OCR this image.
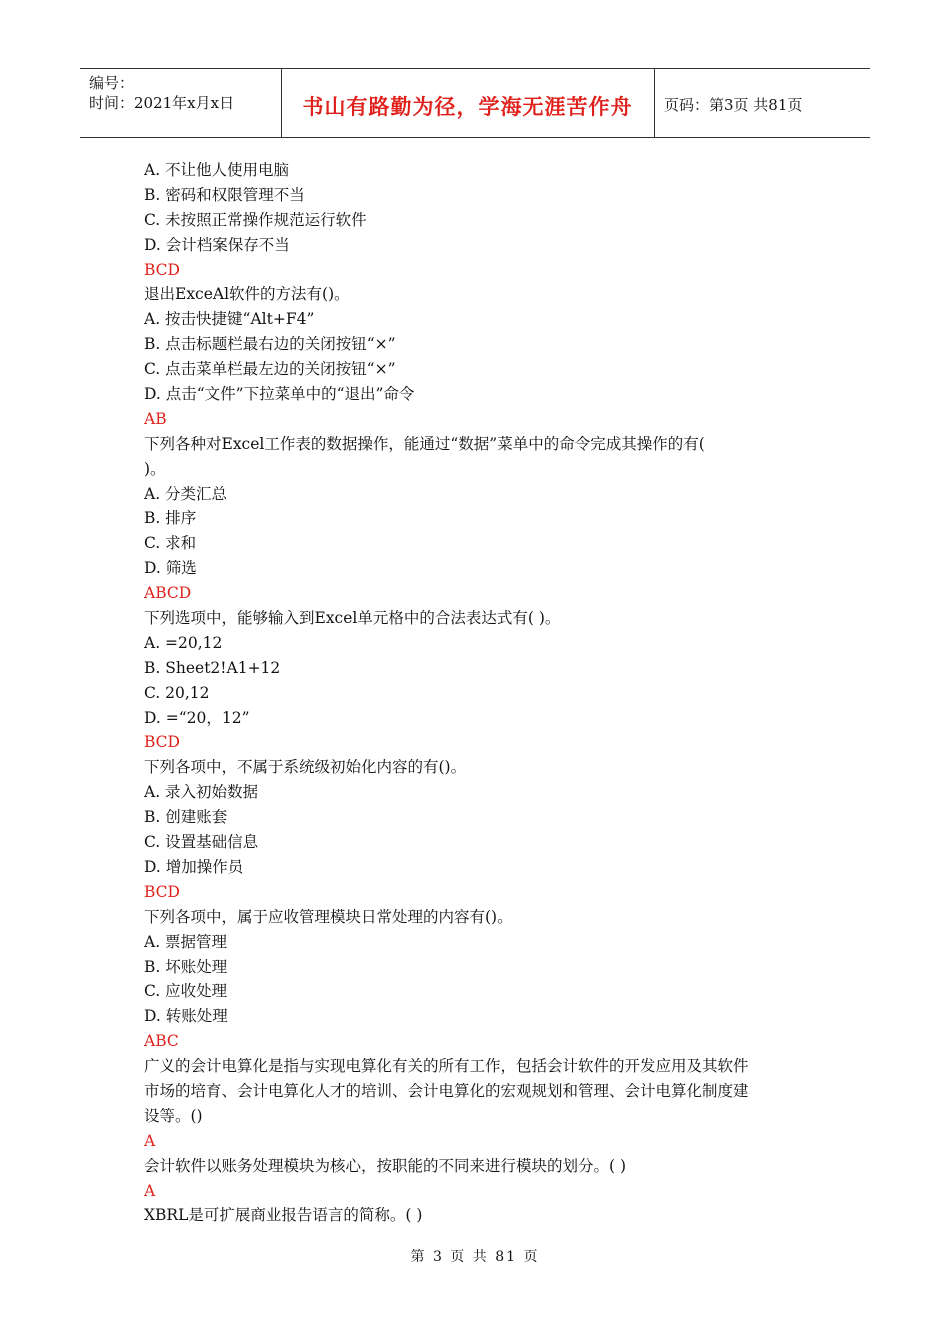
编号：
时间：2021年x月x日	书山有路勤为径，学海无涯苦作舟	页码：第3页 共81页
A. 不让他人使用电脑
B. 密码和权限管理不当
C. 未按照正常操作规范运行软件
D. 会计档案保存不当
BCD
退出ExceAl软件的方法有()。
A. 按击快捷键“Alt+F4”
B. 点击标题栏最右边的关闭按钮“×”
C. 点击菜单栏最左边的关闭按钮“×”
D. 点击“文件”下拉菜单中的“退出”命令
AB
下列各种对Excel工作表的数据操作，能通过“数据”菜单中的命令完成其操作的有(
)。
A. 分类汇总
B. 排序
C. 求和
D. 筛选
ABCD
下列选项中，能够输入到Excel单元格中的合法表达式有( )。
A. =20,12
B. Sheet2!A1+12
C. 20,12
D. =“20，12”
BCD
下列各项中，不属于系统级初始化内容的有()。
A. 录入初始数据
B. 创建账套
C. 设置基础信息
D. 增加操作员
BCD
下列各项中，属于应收管理模块日常处理的内容有()。
A. 票据管理
B. 坏账处理
C. 应收处理
D. 转账处理
ABC
广义的会计电算化是指与实现电算化有关的所有工作，包括会计软件的开发应用及其软件
市场的培育、会计电算化人才的培训、会计电算化的宏观规划和管理、会计电算化制度建
设等。()
A
会计软件以账务处理模块为核心，按职能的不同来进行模块的划分。( )
A
XBRL是可扩展商业报告语言的简称。( )
第 3 页 共 81 页
